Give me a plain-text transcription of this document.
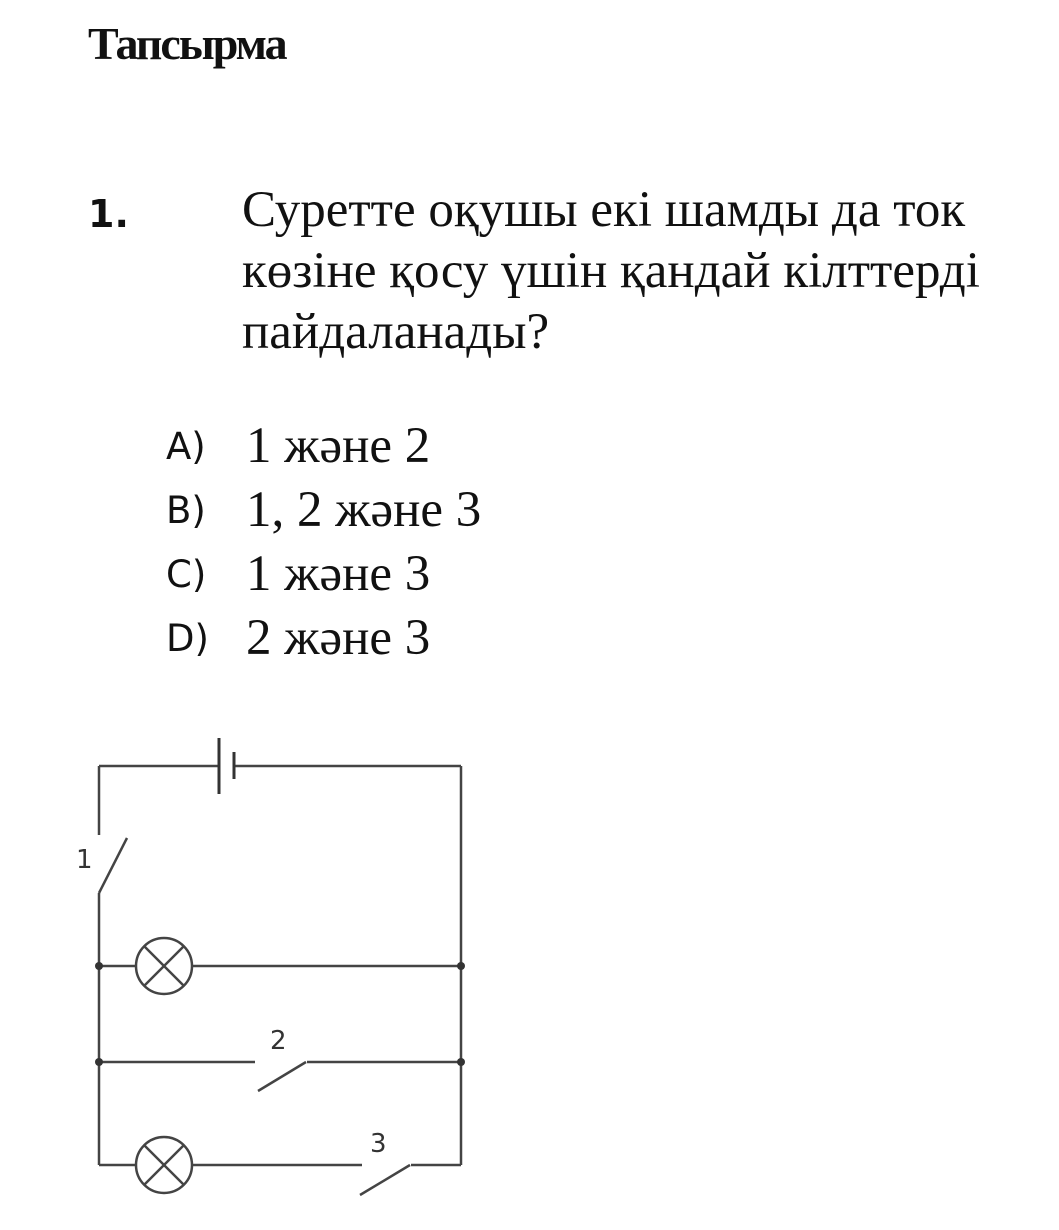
Тапсырма
1. Суретте оқушы екі шамды да ток көзіне қосу үшін қандай кілттерді пайдаланады?
A) 1 және 2
B) 1, 2 және 3
C) 1 және 3
D) 2 және 3
1
2
3
